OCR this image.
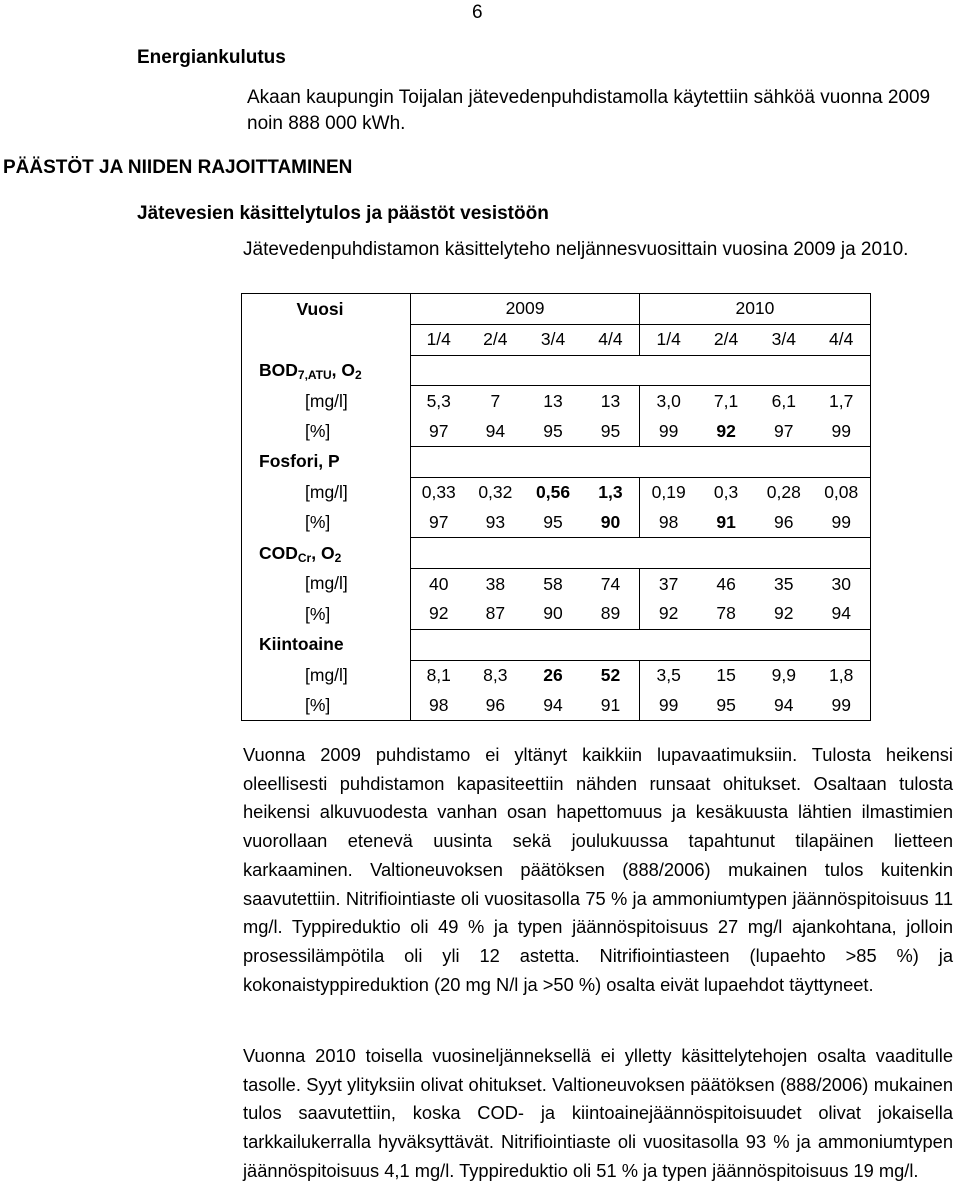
6
Energiankulutus
Akaan kaupungin Toijalan jätevedenpuhdistamolla käytettiin sähköä vuonna 2009 noin 888 000 kWh.
PÄÄSTÖT JA NIIDEN RAJOITTAMINEN
Jätevesien käsittelytulos ja päästöt vesistöön
Jätevedenpuhdistamon käsittelyteho neljännesvuosittain vuosina 2009 ja 2010.
Vuosi	2009				2010			
	1/4	2/4	3/4	4/4	1/4	2/4	3/4	4/4
$BOD_{7,ATU}$, $O_2$	
[mg/l]	5,3	7	13	13	3,0	7,1	6,1	1,7
[%]	97	94	95	95	99	92	97	99
Fosfori, P								
[mg/l]	0,33	0,32	0,56	1,3	0,19	0,3	0,28	0,08
[%]	97	93	95	90	98	91	96	99
$COD_{Cr}$, $O_2$	
[mg/l]	40	38	58	74	37	46	35	30
[%]	92	87	90	89	92	78	92	94
Kiintoaine								
[mg/l]	8,1	8,3	26	52	3,5	15	9,9	1,8
[%]	98	96	94	91	99	95	94	99
Vuonna 2009 puhdistamo ei yltänyt kaikkiin lupavaatimuksiin. Tulosta heikensi oleellisesti puhdistamon kapasiteettiin nähden runsaat ohitukset. Osaltaan tulosta heikensi alkuvuodesta vanhan osan hapettomuus ja kesäkuusta lähtien ilmastimien vuorollaan etenevä uusinta sekä joulukuussa tapahtunut tilapäinen lietteen karkaaminen. Valtioneuvoksen päätöksen (888/2006) mukainen tulos kuitenkin saavutettiin. Nitrifiointiaste oli vuositasolla 75 % ja ammoniumtypen jäännöspitoisuus 11 mg/l. Typpireduktio oli 49 % ja typen jäännöspitoisuus 27 mg/l ajankohtana, jolloin prosessilämpötila oli yli 12 astetta. Nitrifiointiasteen (lupaehto >85 %) ja kokonaistyppireduktion (20 mg N/l ja >50 %) osalta eivät lupaehdot täyttyneet.
Vuonna 2010 toisella vuosineljänneksellä ei ylletty käsittelytehojen osalta vaaditulle tasolle. Syyt ylityksiin olivat ohitukset. Valtioneuvoksen päätöksen (888/2006) mukainen tulos saavutettiin, koska COD- ja kiintoainejäännöspitoisuudet olivat jokaisella tarkkailukerralla hyväksyttävät. Nitrifiointiaste oli vuositasolla 93 % ja ammoniumtypen jäännöspitoisuus 4,1 mg/l. Typpireduktio oli 51 % ja typen jäännöspitoisuus 19 mg/l.
